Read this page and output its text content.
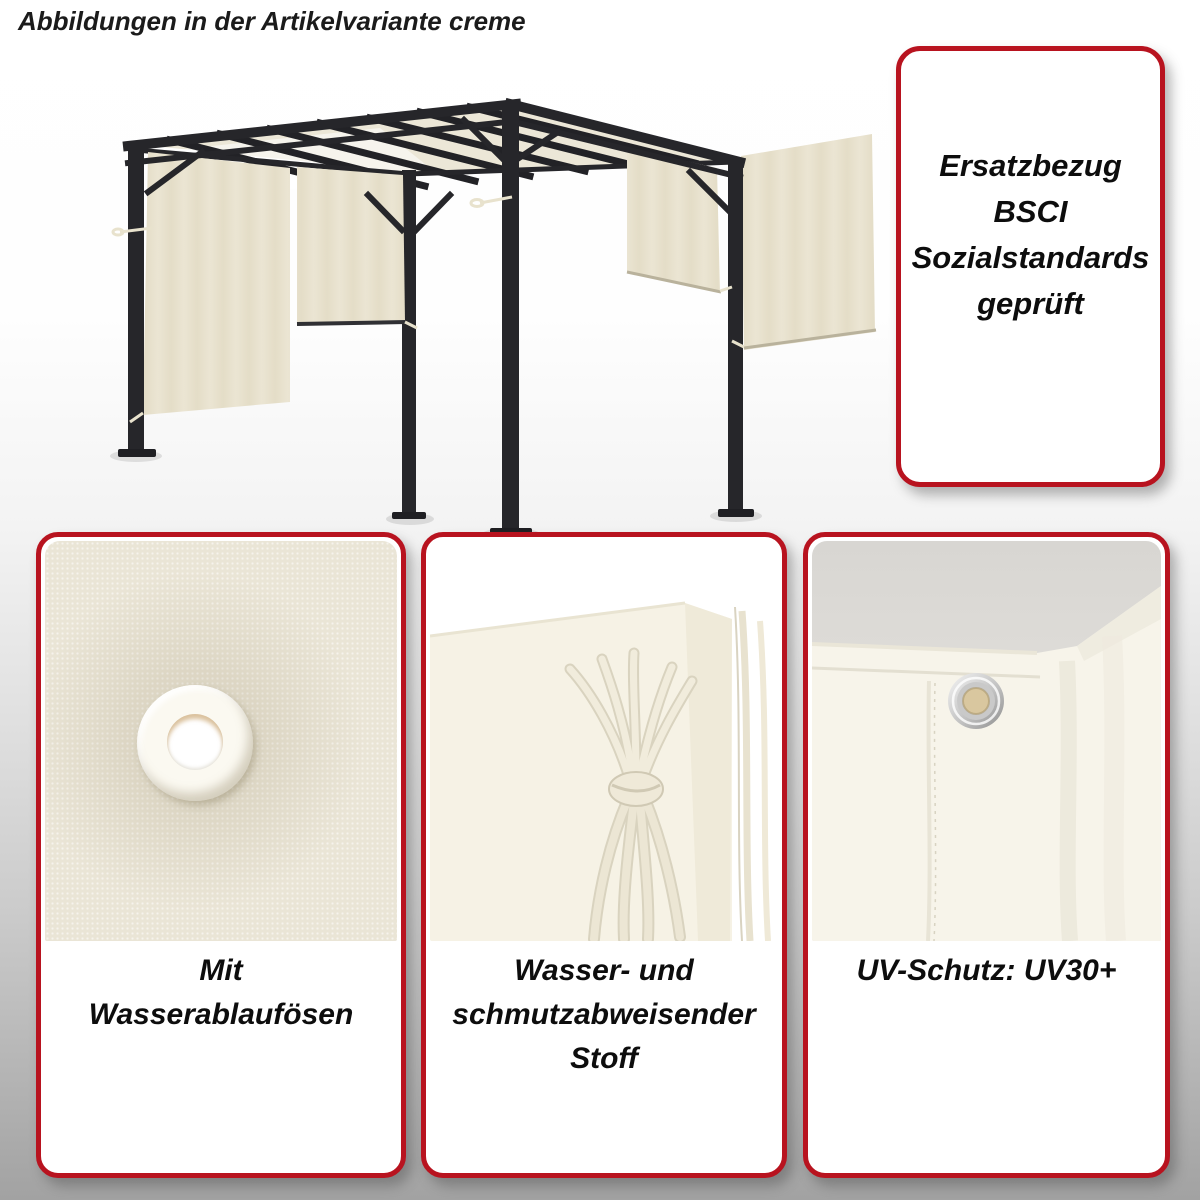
Abbildungen in der Artikelvariante creme
Ersatzbezug
BSCI
Sozialstandards
geprüft
Mit
Wasserablaufösen
Wasser- und
schmutzabweisender
Stoff
UV-Schutz: UV30+
